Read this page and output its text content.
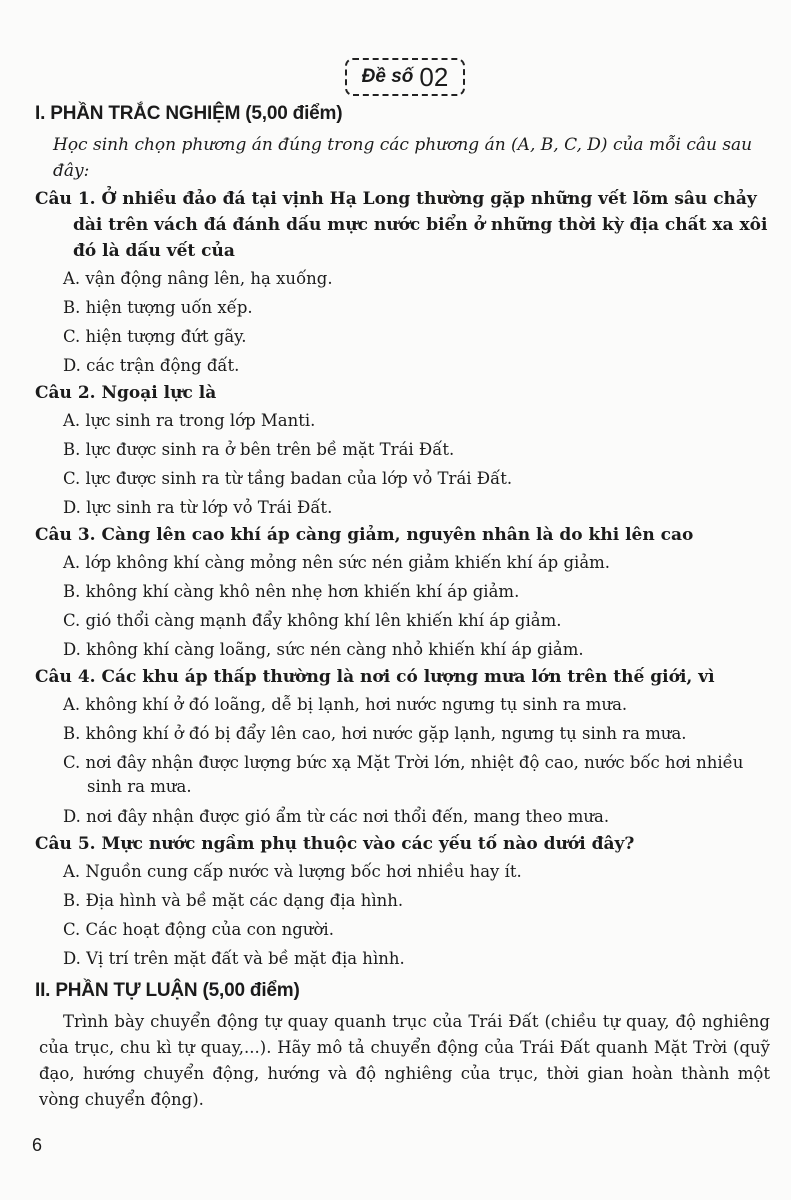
Đề số 02
I. PHẦN TRẮC NGHIỆM (5,00 điểm)
Học sinh chọn phương án đúng trong các phương án (A, B, C, D) của mỗi câu sau đây:
Câu 1. Ở nhiều đảo đá tại vịnh Hạ Long thường gặp những vết lõm sâu chảy dài trên vách đá đánh dấu mực nước biển ở những thời kỳ địa chất xa xôi đó là dấu vết của
A. vận động nâng lên, hạ xuống.
B. hiện tượng uốn xếp.
C. hiện tượng đứt gãy.
D. các trận động đất.
Câu 2. Ngoại lực là
A. lực sinh ra trong lớp Manti.
B. lực được sinh ra ở bên trên bề mặt Trái Đất.
C. lực được sinh ra từ tầng badan của lớp vỏ Trái Đất.
D. lực sinh ra từ lớp vỏ Trái Đất.
Câu 3. Càng lên cao khí áp càng giảm, nguyên nhân là do khi lên cao
A. lớp không khí càng mỏng nên sức nén giảm khiến khí áp giảm.
B. không khí càng khô nên nhẹ hơn khiến khí áp giảm.
C. gió thổi càng mạnh đẩy không khí lên khiến khí áp giảm.
D. không khí càng loãng, sức nén càng nhỏ khiến khí áp giảm.
Câu 4. Các khu áp thấp thường là nơi có lượng mưa lớn trên thế giới, vì
A. không khí ở đó loãng, dễ bị lạnh, hơi nước ngưng tụ sinh ra mưa.
B. không khí ở đó bị đẩy lên cao, hơi nước gặp lạnh, ngưng tụ sinh ra mưa.
C. nơi đây nhận được lượng bức xạ Mặt Trời lớn, nhiệt độ cao, nước bốc hơi nhiều sinh ra mưa.
D. nơi đây nhận được gió ẩm từ các nơi thổi đến, mang theo mưa.
Câu 5. Mực nước ngầm phụ thuộc vào các yếu tố nào dưới đây?
A. Nguồn cung cấp nước và lượng bốc hơi nhiều hay ít.
B. Địa hình và bề mặt các dạng địa hình.
C. Các hoạt động của con người.
D. Vị trí trên mặt đất và bề mặt địa hình.
II. PHẦN TỰ LUẬN (5,00 điểm)
Trình bày chuyển động tự quay quanh trục của Trái Đất (chiều tự quay, độ nghiêng của trục, chu kì tự quay,...). Hãy mô tả chuyển động của Trái Đất quanh Mặt Trời (quỹ đạo, hướng chuyển động, hướng và độ nghiêng của trục, thời gian hoàn thành một vòng chuyển động).
6
